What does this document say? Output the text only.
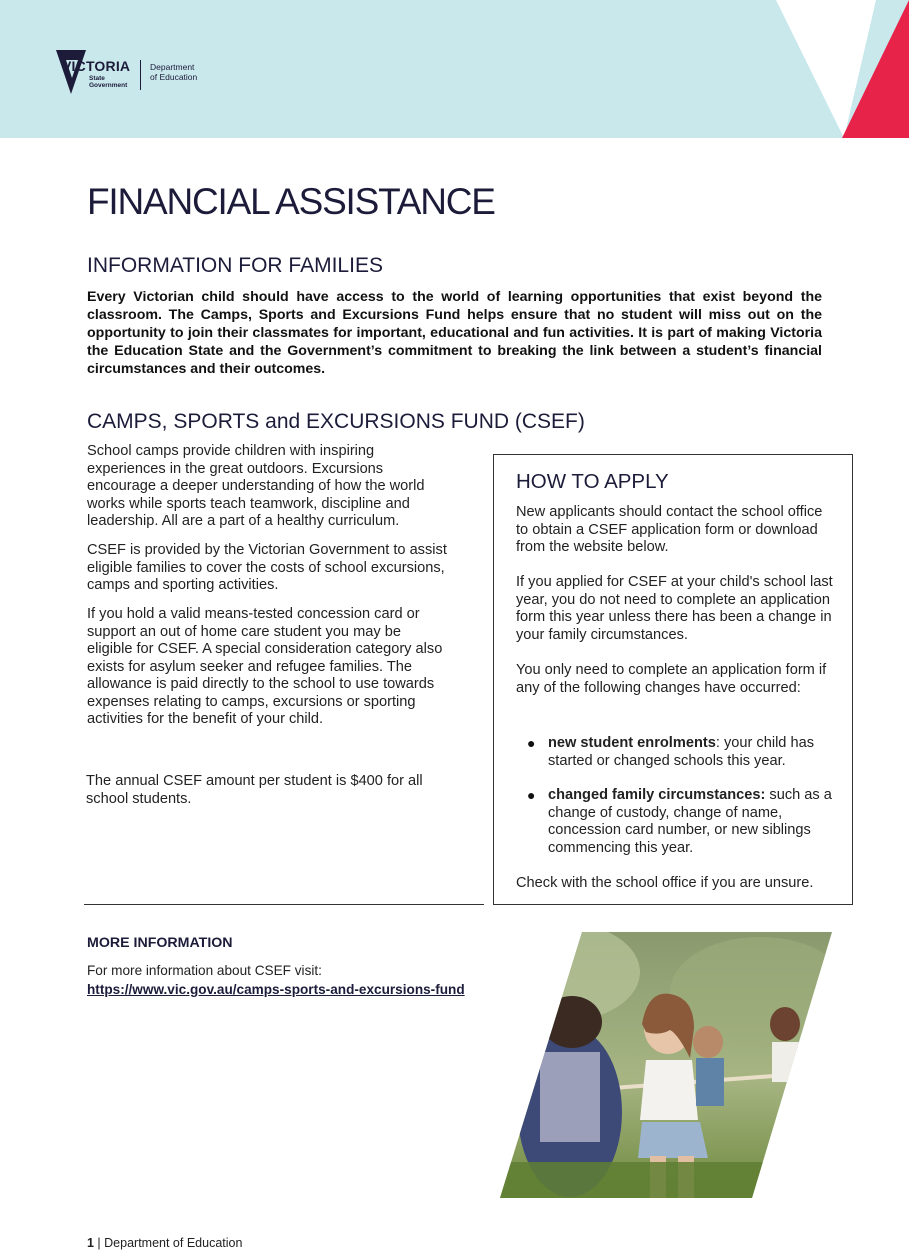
VICTORIA
State
Government
Department
of Education
FINANCIAL ASSISTANCE
INFORMATION FOR FAMILIES

Every Victorian child should have access to the world of learning opportunities that exist beyond the classroom. The Camps, Sports and Excursions Fund helps ensure that no student will miss out on the opportunity to join their classmates for important, educational and fun activities. It is part of making Victoria the Education State and the Government’s commitment to breaking the link between a student’s financial circumstances and their outcomes.

CAMPS, SPORTS and EXCURSIONS FUND (CSEF)

School camps provide children with inspiring experiences in the great outdoors. Excursions encourage a deeper understanding of how the world works while sports teach teamwork, discipline and leadership. All are a part of a healthy curriculum.

CSEF is provided by the Victorian Government to assist eligible families to cover the costs of school excursions, camps and sporting activities.

If you hold a valid means-tested concession card or support an out of home care student you may be eligible for CSEF. A special consideration category also exists for asylum seeker and refugee families. The allowance is paid directly to the school to use towards expenses relating to camps, excursions or sporting activities for the benefit of your child.

The annual CSEF amount per student is $400 for all school students.

HOW TO APPLY

New applicants should contact the school office to obtain a CSEF application form or download from the website below.

If you applied for CSEF at your child's school last year, you do not need to complete an application form this year unless there has been a change in your family circumstances.

You only need to complete an application form if any of the following changes have occurred:

● new student enrolments: your child has started or changed schools this year.

● changed family circumstances: such as a change of custody, change of name, concession card number, or new siblings commencing this year.

Check with the school office if you are unsure.

MORE INFORMATION

For more information about CSEF visit:

https://www.vic.gov.au/camps-sports-and-excursions-fund

1 | Department of Education
